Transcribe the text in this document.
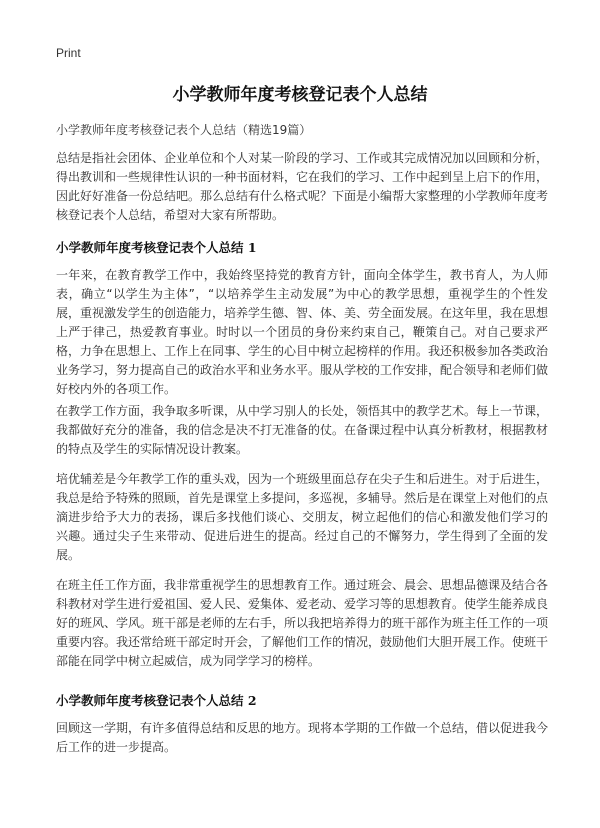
Print
小学教师年度考核登记表个人总结

小学教师年度考核登记表个人总结（精选19篇）

总结是指社会团体、企业单位和个人对某一阶段的学习、工作或其完成情况加以回顾和分析，得出教训和一些规律性认识的一种书面材料，它在我们的学习、工作中起到呈上启下的作用，因此好好准备一份总结吧。那么总结有什么格式呢？下面是小编帮大家整理的小学教师年度考核登记表个人总结，希望对大家有所帮助。

小学教师年度考核登记表个人总结 1

一年来，在教育教学工作中，我始终坚持党的教育方针，面向全体学生，教书育人，为人师表，确立“以学生为主体”，“以培养学生主动发展”为中心的教学思想，重视学生的个性发展，重视激发学生的创造能力，培养学生德、智、体、美、劳全面发展。在这年里，我在思想上严于律己，热爱教育事业。时时以一个团员的身份来约束自己，鞭策自己。对自己要求严格，力争在思想上、工作上在同事、学生的心目中树立起榜样的作用。我还积极参加各类政治业务学习，努力提高自己的政治水平和业务水平。服从学校的工作安排，配合领导和老师们做好校内外的各项工作。

在教学工作方面，我争取多听课，从中学习别人的长处，领悟其中的教学艺术。每上一节课，我都做好充分的准备，我的信念是决不打无准备的仗。在备课过程中认真分析教材，根据教材的特点及学生的实际情况设计教案。

培优辅差是今年教学工作的重头戏，因为一个班级里面总存在尖子生和后进生。对于后进生，我总是给予特殊的照顾，首先是课堂上多提问，多巡视，多辅导。然后是在课堂上对他们的点滴进步给予大力的表扬，课后多找他们谈心、交朋友，树立起他们的信心和激发他们学习的 兴趣。通过尖子生来带动、促进后进生的提高。经过自己的不懈努力，学生得到了全面的发展。

在班主任工作方面，我非常重视学生的思想教育工作。通过班会、晨会、思想品德课及结合各科教材对学生进行爱祖国、爱人民、爱集体、爱老动、爱学习等的思想教育。使学生能养成良好的班风、学风。班干部是老师的左右手，所以我把培养得力的班干部作为班主任工作的一项重要内容。我还常给班干部定时开会，了解他们工作的情况，鼓励他们大胆开展工作。使班干部能在同学中树立起威信，成为同学学习的榜样。

小学教师年度考核登记表个人总结 2

回顾这一学期，有许多值得总结和反思的地方。现将本学期的工作做一个总结，借以促进我今后工作的进一步提高。
